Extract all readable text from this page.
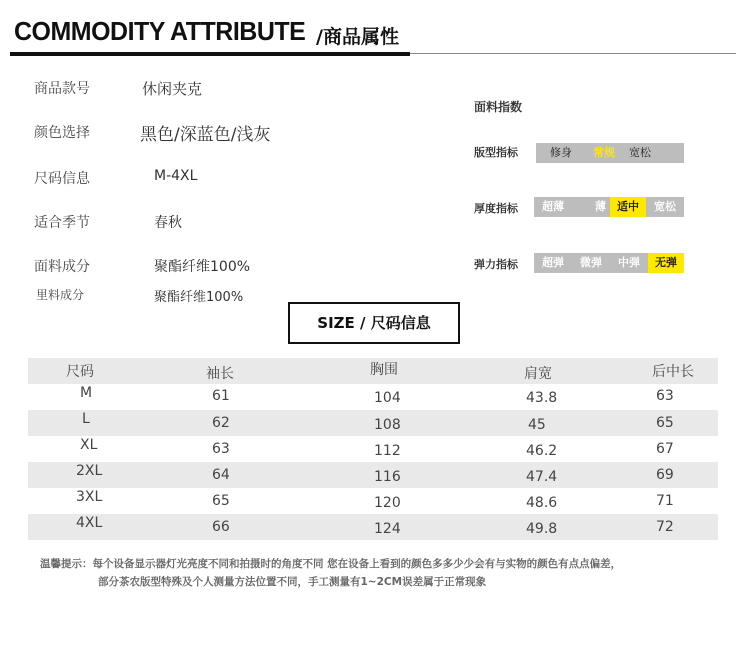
COMMODITY ATTRIBUTE /商品属性
商品款号	休闲夹克
颜色选择	黑色/深蓝色/浅灰
尺码信息	M-4XL
适合季节	春秋
面料成分	聚酯纤维100%
里料成分	聚酯纤维100%
面料指数
版型指标	修身	常规	宽松
厚度指标	超薄	薄	适中	宽松
弹力指标	超弹	微弹	中弹	无弹
SIZE / 尺码信息
尺码	袖长	胸围	肩宽	后中长
M	61	104	43.8	63
L	62	108	45	65
XL	63	112	46.2	67
2XL	64	116	47.4	69
3XL	65	120	48.6	71
4XL	66	124	49.8	72
温馨提示：每个设备显示器灯光亮度不同和拍摄时的角度不同 您在设备上看到的颜色多多少少会有与实物的颜色有点点偏差，
部分茶农版型特殊及个人测量方法位置不同，手工测量有1~2CM误差属于正常现象
